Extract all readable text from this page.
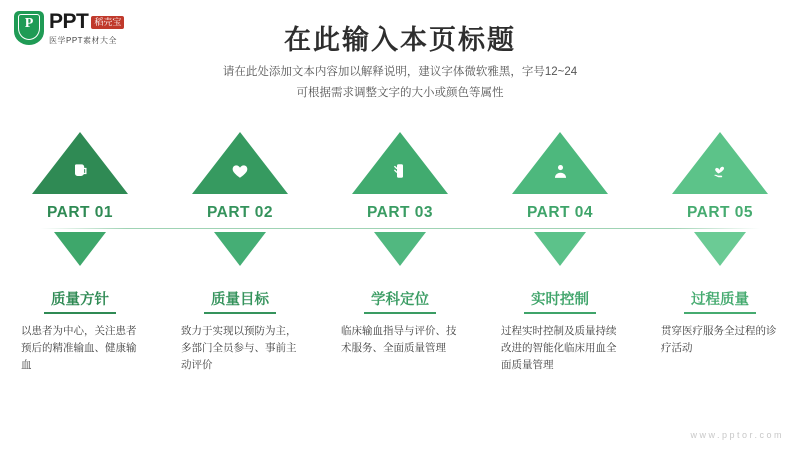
P PPT 稻壳宝
医学PPT素材大全	在此输入本页标题
请在此处添加文本内容加以解释说明，建议字体微软雅黑，字号12~24
可根据需求调整文字的大小或颜色等属性
PART 01
质量方针
以患者为中心，关注患者预后的精准输血、健康输血
PART 02
质量目标
致力于实现以预防为主，多部门全员参与、事前主动评价
PART 03
学科定位
临床输血指导与评价、技术服务、全面质量管理
PART 04
实时控制
过程实时控制及质量持续改进的智能化临床用血全面质量管理
PART 05
过程质量
贯穿医疗服务全过程的诊疗活动
www.pptor.com
